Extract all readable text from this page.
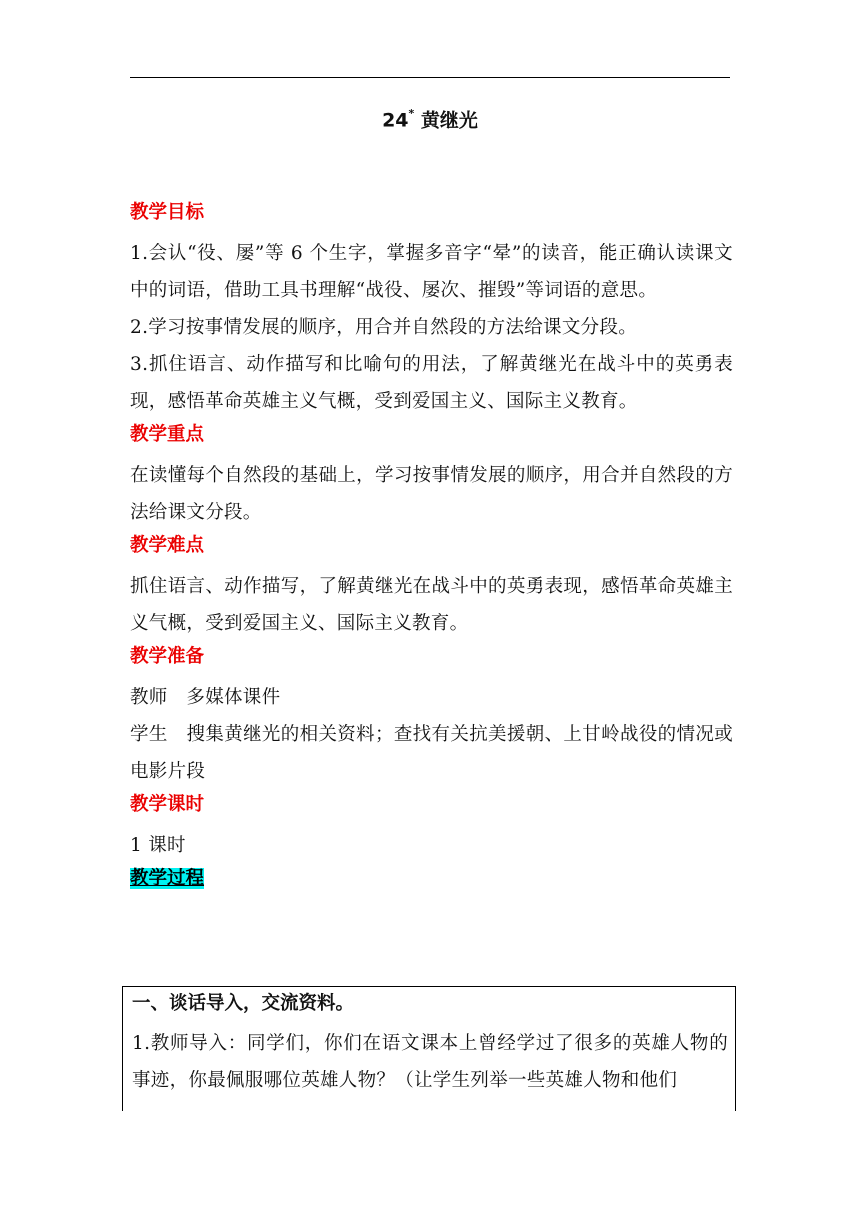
24* 黄继光
教学目标
1.会认“役、屡”等 6 个生字，掌握多音字“晕”的读音，能正确认读课文中的词语，借助工具书理解“战役、屡次、摧毁”等词语的意思。
2.学习按事情发展的顺序，用合并自然段的方法给课文分段。
3.抓住语言、动作描写和比喻句的用法，了解黄继光在战斗中的英勇表现，感悟革命英雄主义气概，受到爱国主义、国际主义教育。
教学重点
在读懂每个自然段的基础上，学习按事情发展的顺序，用合并自然段的方法给课文分段。
教学难点
抓住语言、动作描写，了解黄继光在战斗中的英勇表现，感悟革命英雄主义气概，受到爱国主义、国际主义教育。
教学准备
教师　多媒体课件
学生　搜集黄继光的相关资料；查找有关抗美援朝、上甘岭战役的情况或电影片段
教学课时
1 课时
教学过程
一、谈话导入，交流资料。
1.教师导入：同学们，你们在语文课本上曾经学过了很多的英雄人物的事迹，你最佩服哪位英雄人物？（让学生列举一些英雄人物和他们
